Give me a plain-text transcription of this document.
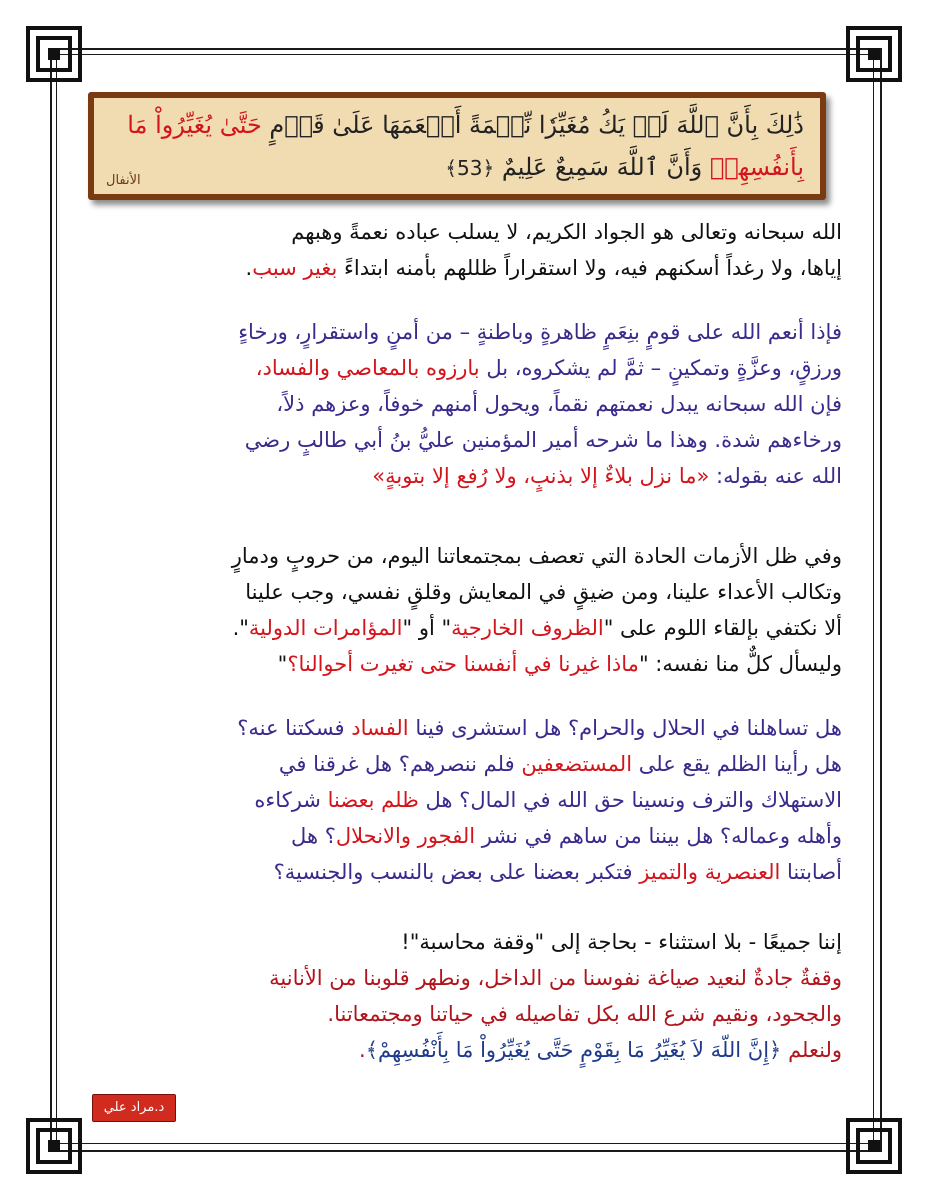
ذَٰلِكَ بِأَنَّ ٱللَّهَ لَمۡ يَكُ مُغَيِّرٗا نِّعۡمَةً أَنۡعَمَهَا عَلَىٰ قَوۡمٍ حَتَّىٰ يُغَيِّرُواْ مَا
بِأَنفُسِهِمۡ وَأَنَّ ٱللَّهَ سَمِيعٌ عَلِيمٌ ﴿53﴾
الأنفال
الله سبحانه وتعالى هو الجواد الكريم، لا يسلب عباده نعمةً وهبهم
إياها، ولا رغداً أسكنهم فيه، ولا استقراراً ظللهم بأمنه ابتداءً بغير سبب.
فإذا أنعم الله على قومٍ بنِعَمٍ ظاهرةٍ وباطنةٍ – من أمنٍ واستقرارٍ، ورخاءٍ
ورزقٍ، وعزَّةٍ وتمكينٍ – ثمَّ لم يشكروه، بل بارزوه بالمعاصي والفساد،
فإن الله سبحانه يبدل نعمتهم نقماً، ويحول أمنهم خوفاً، وعزهم ذلاً،
ورخاءهم شدة. وهذا ما شرحه أمير المؤمنين عليُّ بنُ أبي طالبٍ رضي
الله عنه بقوله: «ما نزل بلاءٌ إلا بذنبٍ، ولا رُفع إلا بتوبةٍ»
وفي ظل الأزمات الحادة التي تعصف بمجتمعاتنا اليوم، من حروبٍ ودمارٍ
وتكالب الأعداء علينا، ومن ضيقٍ في المعايش وقلقٍ نفسي، وجب علينا
ألا نكتفي بإلقاء اللوم على "الظروف الخارجية" أو "المؤامرات الدولية".
وليسأل كلٌّ منا نفسه: "ماذا غيرنا في أنفسنا حتى تغيرت أحوالنا؟"
هل تساهلنا في الحلال والحرام؟ هل استشرى فينا الفساد فسكتنا عنه؟
هل رأينا الظلم يقع على المستضعفين فلم ننصرهم؟ هل غرقنا في
الاستهلاك والترف ونسينا حق الله في المال؟ هل ظلم بعضنا شركاءه
وأهله وعماله؟ هل بيننا من ساهم في نشر الفجور والانحلال؟ هل
أصابتنا العنصرية والتميز فتكبر بعضنا على بعض بالنسب والجنسية؟
إننا جميعًا - بلا استثناء - بحاجة إلى "وقفة محاسبة"!
وقفةٌ جادةٌ لنعيد صياغة نفوسنا من الداخل، ونطهر قلوبنا من الأنانية
والجحود، ونقيم شرع الله بكل تفاصيله في حياتنا ومجتمعاتنا.
ولنعلم ﴿إِنَّ اللّهَ لاَ يُغَيِّرُ مَا بِقَوْمٍ حَتَّى يُغَيِّرُواْ مَا بِأَنْفُسِهِمْ﴾.
د.مراد علي
